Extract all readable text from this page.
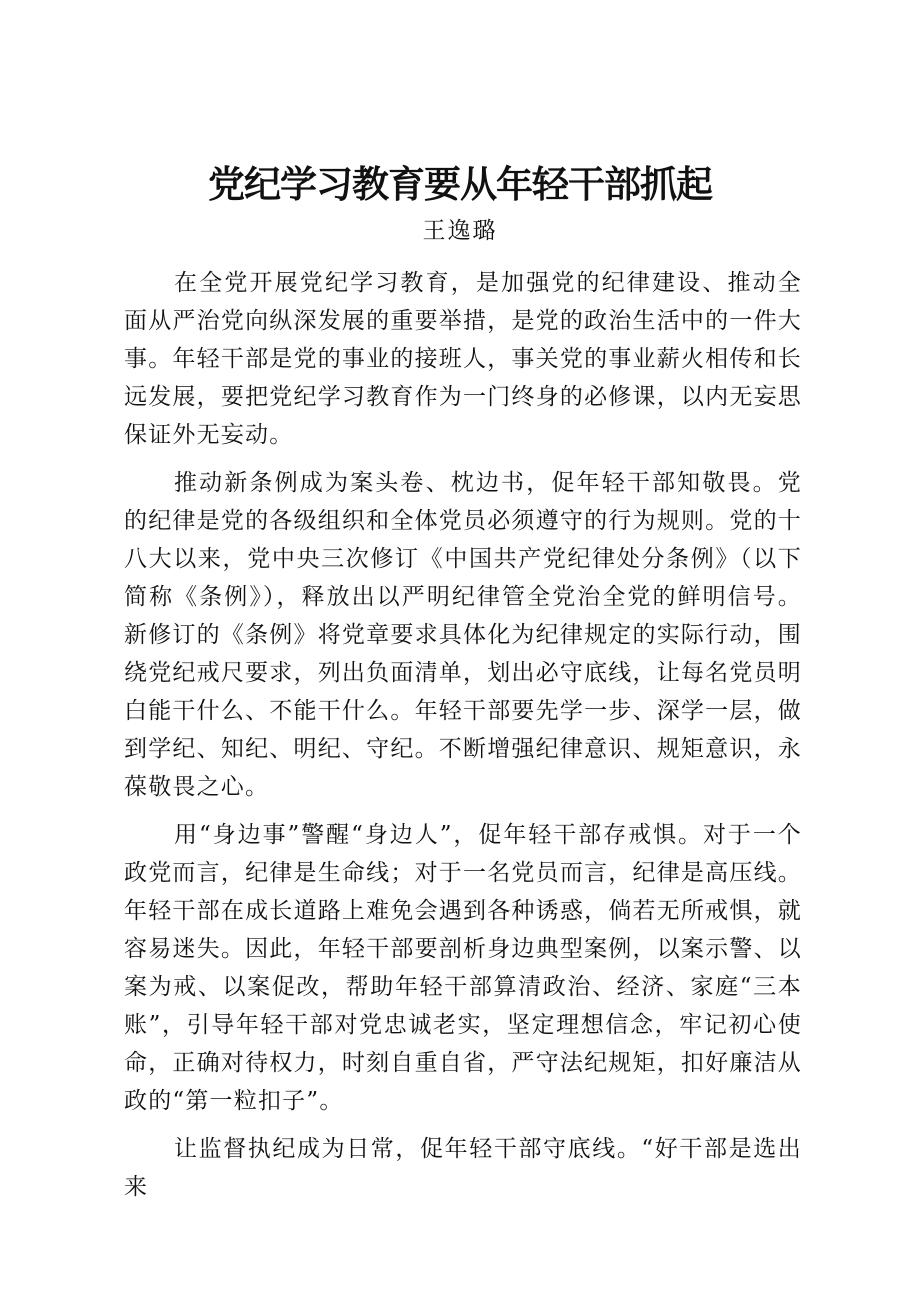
党纪学习教育要从年轻干部抓起
王逸璐

在全党开展党纪学习教育，是加强党的纪律建设、推动全面从严治党向纵深发展的重要举措，是党的政治生活中的一件大事。年轻干部是党的事业的接班人，事关党的事业薪火相传和长远发展，要把党纪学习教育作为一门终身的必修课，以内无妄思保证外无妄动。

推动新条例成为案头卷、枕边书，促年轻干部知敬畏。党的纪律是党的各级组织和全体党员必须遵守的行为规则。党的十八大以来，党中央三次修订《中国共产党纪律处分条例》（以下简称《条例》），释放出以严明纪律管全党治全党的鲜明信号。新修订的《条例》将党章要求具体化为纪律规定的实际行动，围绕党纪戒尺要求，列出负面清单，划出必守底线，让每名党员明白能干什么、不能干什么。年轻干部要先学一步、深学一层，做到学纪、知纪、明纪、守纪。不断增强纪律意识、规矩意识，永葆敬畏之心。

用“身边事”警醒“身边人”，促年轻干部存戒惧。对于一个政党而言，纪律是生命线；对于一名党员而言，纪律是高压线。年轻干部在成长道路上难免会遇到各种诱惑，倘若无所戒惧，就容易迷失。因此，年轻干部要剖析身边典型案例，以案示警、以案为戒、以案促改，帮助年轻干部算清政治、经济、家庭“三本账”，引导年轻干部对党忠诚老实，坚定理想信念，牢记初心使命，正确对待权力，时刻自重自省，严守法纪规矩，扣好廉洁从政的“第一粒扣子”。

让监督执纪成为日常，促年轻干部守底线。“好干部是选出来
